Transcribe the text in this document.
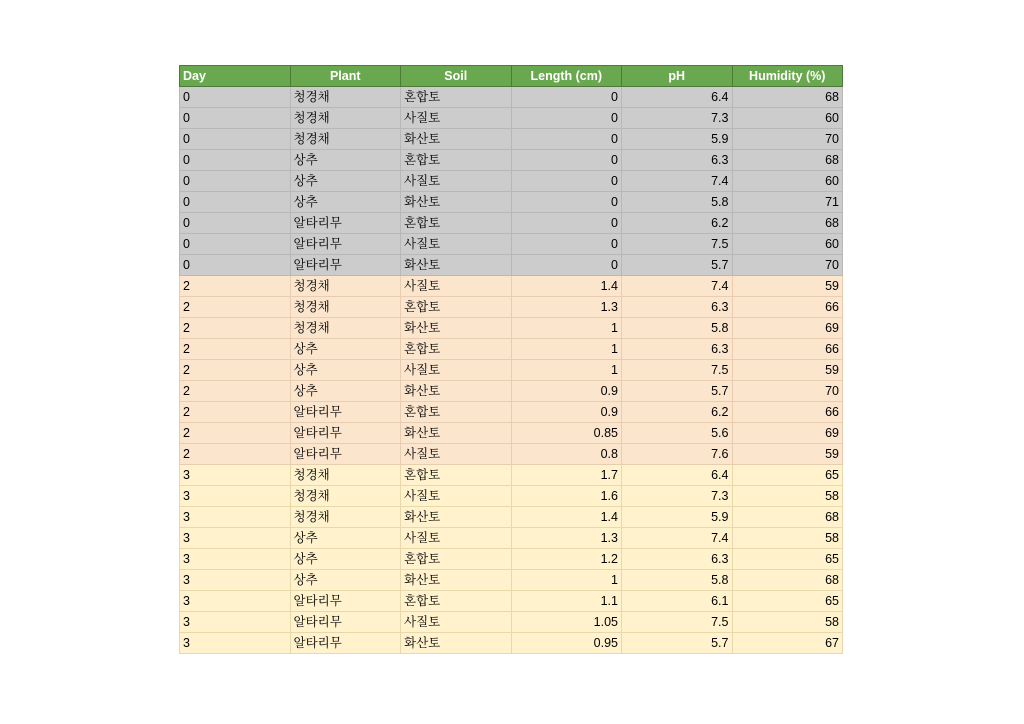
Day	Plant	Soil	Length (cm)	pH	Humidity (%)
0	청경채	혼합토	0	6.4	68
0	청경채	사질토	0	7.3	60
0	청경채	화산토	0	5.9	70
0	상추	혼합토	0	6.3	68
0	상추	사질토	0	7.4	60
0	상추	화산토	0	5.8	71
0	알타리무	혼합토	0	6.2	68
0	알타리무	사질토	0	7.5	60
0	알타리무	화산토	0	5.7	70
2	청경채	사질토	1.4	7.4	59
2	청경채	혼합토	1.3	6.3	66
2	청경채	화산토	1	5.8	69
2	상추	혼합토	1	6.3	66
2	상추	사질토	1	7.5	59
2	상추	화산토	0.9	5.7	70
2	알타리무	혼합토	0.9	6.2	66
2	알타리무	화산토	0.85	5.6	69
2	알타리무	사질토	0.8	7.6	59
3	청경채	혼합토	1.7	6.4	65
3	청경채	사질토	1.6	7.3	58
3	청경채	화산토	1.4	5.9	68
3	상추	사질토	1.3	7.4	58
3	상추	혼합토	1.2	6.3	65
3	상추	화산토	1	5.8	68
3	알타리무	혼합토	1.1	6.1	65
3	알타리무	사질토	1.05	7.5	58
3	알타리무	화산토	0.95	5.7	67
